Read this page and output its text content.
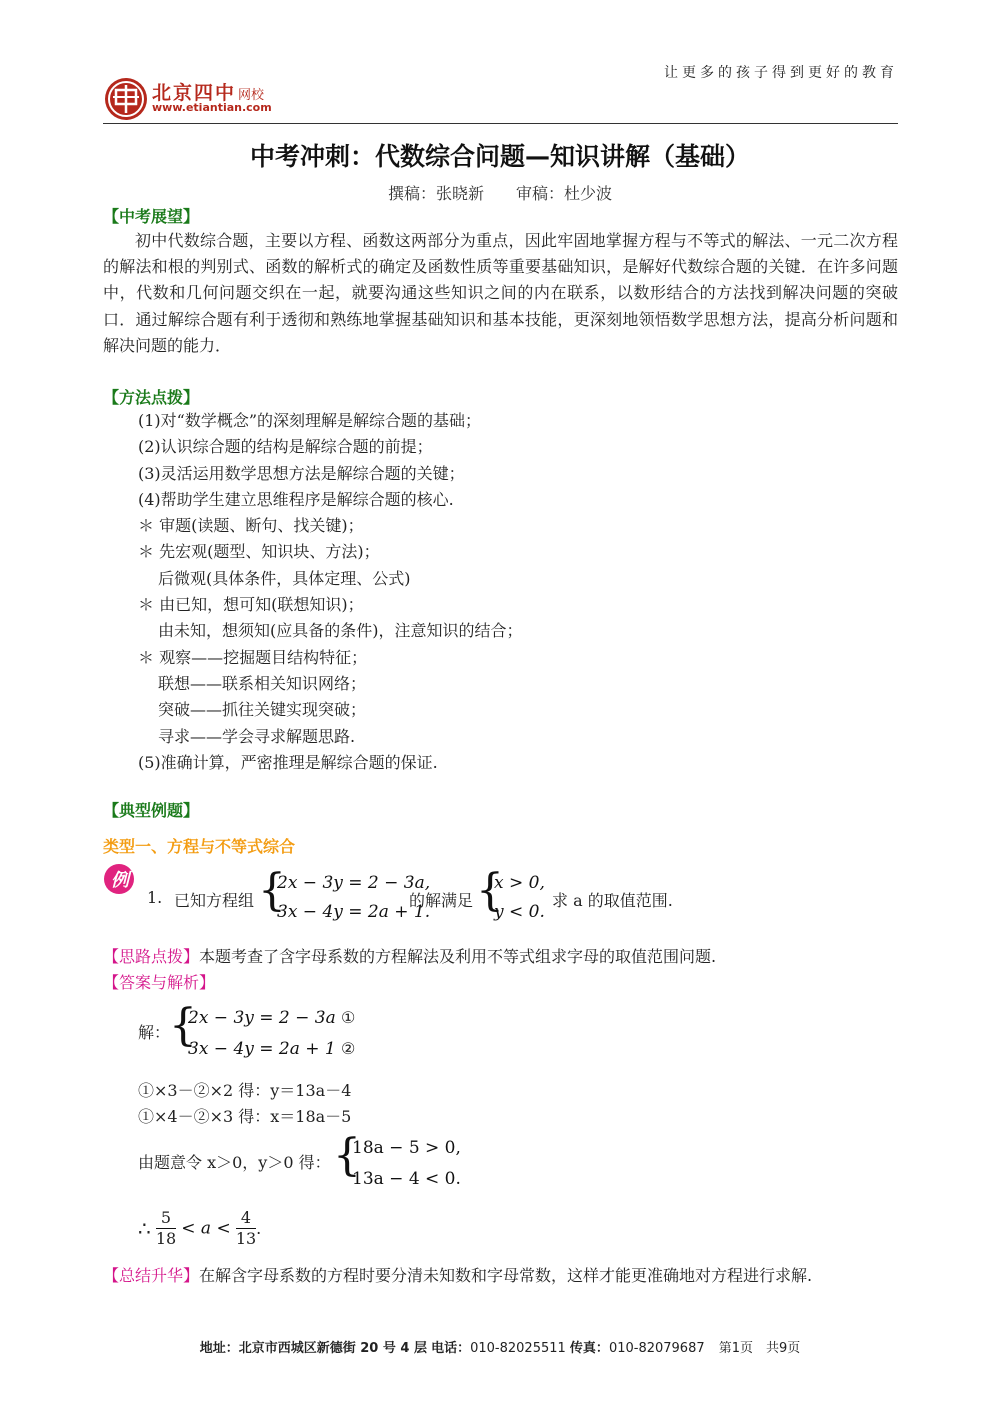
让更多的孩子得到更好的教育
北京四中 网校
www.etiantian.com
中考冲刺：代数综合问题—知识讲解（基础）
撰稿：张晓新　　审稿：杜少波
【中考展望】
初中代数综合题，主要以方程、函数这两部分为重点，因此牢固地掌握方程与不等式的解法、一元二次方程的解法和根的判别式、函数的解析式的确定及函数性质等重要基础知识，是解好代数综合题的关键．在许多问题中，代数和几何问题交织在一起，就要沟通这些知识之间的内在联系，以数形结合的方法找到解决问题的突破口．通过解综合题有利于透彻和熟练地掌握基础知识和基本技能，更深刻地领悟数学思想方法，提高分析问题和解决问题的能力．
【方法点拨】
(1)对“数学概念”的深刻理解是解综合题的基础；
(2)认识综合题的结构是解综合题的前提；
(3)灵活运用数学思想方法是解综合题的关键；
(4)帮助学生建立思维程序是解综合题的核心.
＊ 审题(读题、断句、找关键)；
＊ 先宏观(题型、知识块、方法)；
后微观(具体条件，具体定理、公式)
＊ 由已知，想可知(联想知识)；
由未知，想须知(应具备的条件)，注意知识的结合；
＊ 观察——挖掘题目结构特征；
联想——联系相关知识网络；
突破——抓往关键实现突破；
寻求——学会寻求解题思路.
(5)准确计算，严密推理是解综合题的保证.
【典型例题】
类型一、方程与不等式综合
例
1. 已知方程组 {
2x − 3y = 2 − 3a,
3x − 4y = 2a + 1.
的解满足 {
x > 0,
y < 0.
求 a 的取值范围.
【思路点拨】本题考查了含字母系数的方程解法及利用不等式组求字母的取值范围问题.
【答案与解析】
解：
{
2x − 3y = 2 − 3a
3x − 4y = 2a + 1
①
②
①×3－②×2 得：y＝13a－4
①×4－②×3 得：x＝18a－5
由题意令 x＞0，y＞0 得： {
18a − 5 > 0,
13a − 4 < 0.
∴ $\frac{5}{18} < a < \frac{4}{13}$ .
【总结升华】在解含字母系数的方程时要分清未知数和字母常数，这样才能更准确地对方程进行求解.
地址：北京市西城区新德街 20 号 4 层 电话：010-82025511 传真：010-82079687 第1页　共9页
